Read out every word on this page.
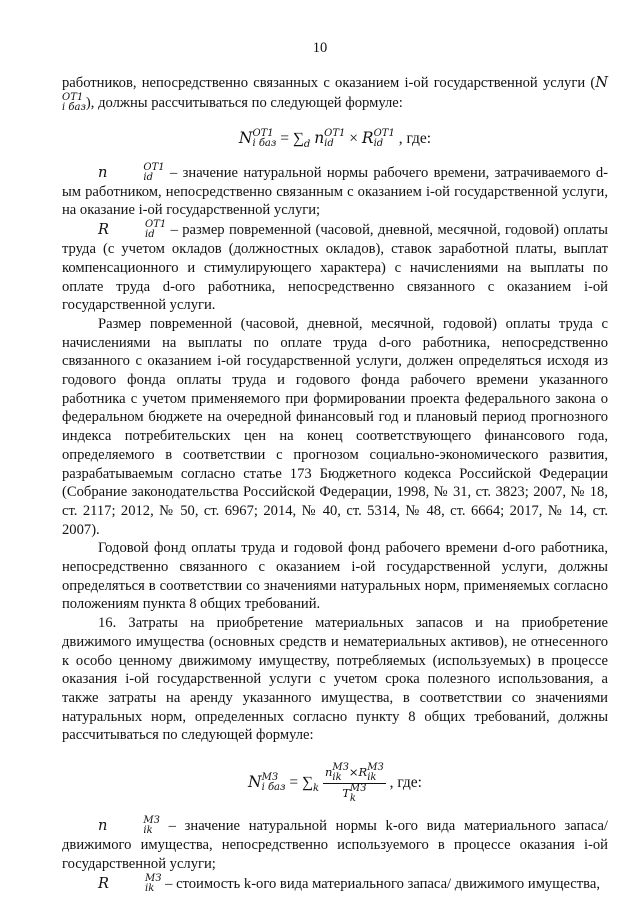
10

работников, непосредственно связанных с оказанием i-ой государственной услуги (N
ОТ1
i баз ), должны рассчитываться по следующей формуле:

N ОТ1
i баз = $\sum_d$ n ОТ1
id × R ОТ1
id , где:

n	ОТ1
id – значение натуральной нормы рабочего времени, затрачиваемого d-ым работником, непосредственно связанным с оказанием i-ой государственной услуги, на оказание i-ой государственной услуги;

R	ОТ1
id – размер повременной (часовой, дневной, месячной, годовой) оплаты труда (с учетом окладов (должностных окладов), ставок заработной платы, выплат компенсационного и стимулирующего характера) с начислениями на выплаты по оплате труда d-ого работника, непосредственно связанного с оказанием i-ой государственной услуги.

Размер повременной (часовой, дневной, месячной, годовой) оплаты труда с начислениями на выплаты по оплате труда d-ого работника, непосредственно связанного с оказанием i-ой государственной услуги, должен определяться исходя из годового фонда оплаты труда и годового фонда рабочего времени указанного работника с учетом применяемого при формировании проекта федерального закона о федеральном бюджете на очередной финансовый год и плановый период прогнозного индекса потребительских цен на конец соответствующего финансового года, определяемого в соответствии с прогнозом социально-экономического развития, разрабатываемым согласно статье 173 Бюджетного кодекса Российской Федерации (Собрание законодательства Российской Федерации, 1998, № 31, ст. 3823; 2007, № 18, ст. 2117; 2012, № 50, ст. 6967; 2014, № 40, ст. 5314, № 48, ст. 6664; 2017, № 14, ст. 2007).

Годовой фонд оплаты труда и годовой фонд рабочего времени d-ого работника, непосредственно связанного с оказанием i-ой государственной услуги, должны определяться в соответствии со значениями натуральных норм, применяемых согласно положениям пункта 8 общих требований.

16. Затраты на приобретение материальных запасов и на приобретение движимого имущества (основных средств и нематериальных активов), не отнесенного к особо ценному движимому имуществу, потребляемых (используемых) в процессе оказания i-ой государственной услуги с учетом срока полезного использования, а также затраты на аренду указанного имущества, в соответствии со значениями натуральных норм, определенных согласно пункту 8 общих требований, должны рассчитываться по следующей формуле:

N МЗ
i баз = $\sum_k$ n МЗ
ik ×R МЗ
ik
T МЗ
k , где:

n	МЗ
ik – значение натуральной нормы k-ого вида материального запаса/ движимого имущества, непосредственно используемого в процессе оказания i-ой государственной услуги;

R	МЗ
ik – стоимость k-ого вида материального запаса/ движимого имущества,
